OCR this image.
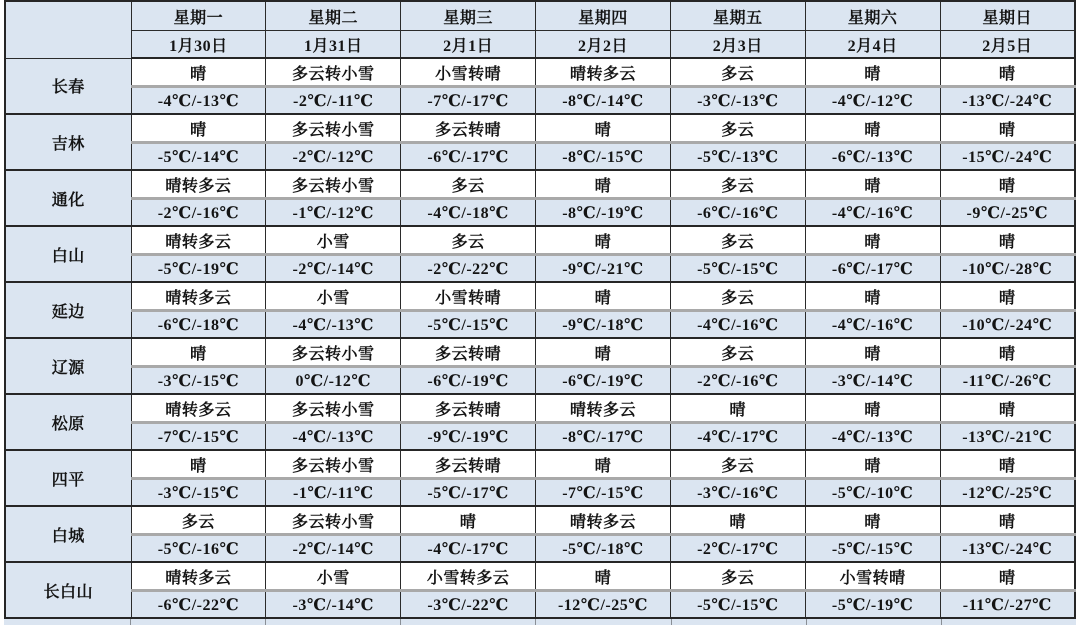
	星期一	星期二	星期三	星期四	星期五	星期六	星期日
	1月30日	1月31日	2月1日	2月2日	2月3日	2月4日	2月5日
长春	晴	多云转小雪	小雪转晴	晴转多云	多云	晴	晴
	-4℃/-13℃	-2℃/-11℃	-7℃/-17℃	-8℃/-14℃	-3℃/-13℃	-4℃/-12℃	-13℃/-24℃
吉林	晴	多云转小雪	多云转晴	晴	多云	晴	晴
	-5℃/-14℃	-2℃/-12℃	-6℃/-17℃	-8℃/-15℃	-5℃/-13℃	-6℃/-13℃	-15℃/-24℃
通化	晴转多云	多云转小雪	多云	晴	多云	晴	晴
	-2℃/-16℃	-1℃/-12℃	-4℃/-18℃	-8℃/-19℃	-6℃/-16℃	-4℃/-16℃	-9℃/-25℃
白山	晴转多云	小雪	多云	晴	多云	晴	晴
	-5℃/-19℃	-2℃/-14℃	-2℃/-22℃	-9℃/-21℃	-5℃/-15℃	-6℃/-17℃	-10℃/-28℃
延边	晴转多云	小雪	小雪转晴	晴	多云	晴	晴
	-6℃/-18℃	-4℃/-13℃	-5℃/-15℃	-9℃/-18℃	-4℃/-16℃	-4℃/-16℃	-10℃/-24℃
辽源	晴	多云转小雪	多云转晴	晴	多云	晴	晴
	-3℃/-15℃	0℃/-12℃	-6℃/-19℃	-6℃/-19℃	-2℃/-16℃	-3℃/-14℃	-11℃/-26℃
松原	晴转多云	多云转小雪	多云转晴	晴转多云	晴	晴	晴
	-7℃/-15℃	-4℃/-13℃	-9℃/-19℃	-8℃/-17℃	-4℃/-17℃	-4℃/-13℃	-13℃/-21℃
四平	晴	多云转小雪	多云转晴	晴	多云	晴	晴
	-3℃/-15℃	-1℃/-11℃	-5℃/-17℃	-7℃/-15℃	-3℃/-16℃	-5℃/-10℃	-12℃/-25℃
白城	多云	多云转小雪	晴	晴转多云	晴	晴	晴
	-5℃/-16℃	-2℃/-14℃	-4℃/-17℃	-5℃/-18℃	-2℃/-17℃	-5℃/-15℃	-13℃/-24℃
长白山	晴转多云	小雪	小雪转多云	晴	多云	小雪转晴	晴
	-6℃/-22℃	-3℃/-14℃	-3℃/-22℃	-12℃/-25℃	-5℃/-15℃	-5℃/-19℃	-11℃/-27℃
